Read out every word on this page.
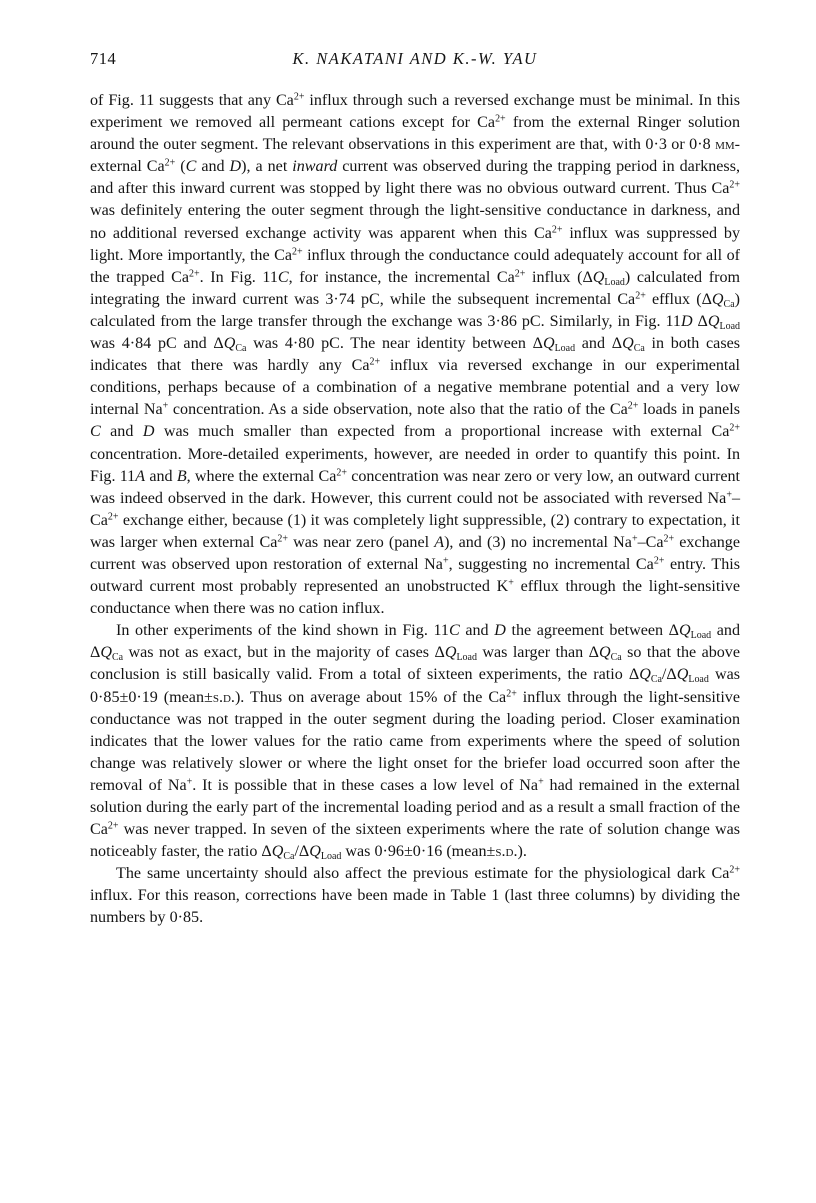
714	K. NAKATANI AND K.-W. YAU

of Fig. 11 suggests that any $Ca^{2+}$ influx through such a reversed exchange must be minimal. In this experiment we removed all permeant cations except for $Ca^{2+}$ from the external Ringer solution around the outer segment. The relevant observations in this experiment are that, with 0·3 or 0·8 mm-external $Ca^{2+}$ (C and D), a net inward current was observed during the trapping period in darkness, and after this inward current was stopped by light there was no obvious outward current. Thus $Ca^{2+}$ was definitely entering the outer segment through the light-sensitive conductance in darkness, and no additional reversed exchange activity was apparent when this $Ca^{2+}$ influx was suppressed by light. More importantly, the $Ca^{2+}$ influx through the conductance could adequately account for all of the trapped $Ca^{2+}$. In Fig. 11C, for instance, the incremental $Ca^{2+}$ influx $(\Delta Q_{Load})$ calculated from integrating the inward current was 3·74 pC, while the subsequent incremental $Ca^{2+}$ efflux $(\Delta Q_{Ca})$ calculated from the large transfer through the exchange was 3·86 pC. Similarly, in Fig. 11D $\Delta Q_{Load}$ was 4·84 pC and $\Delta Q_{Ca}$ was 4·80 pC. The near identity between $\Delta Q_{Load}$ and $\Delta Q_{Ca}$ in both cases indicates that there was hardly any $Ca^{2+}$ influx via reversed exchange in our experimental conditions, perhaps because of a combination of a negative membrane potential and a very low internal Na+ concentration. As a side observation, note also that the ratio of the $Ca^{2+}$ loads in panels C and D was much smaller than expected from a proportional increase with external $Ca^{2+}$ concentration. More-detailed experiments, however, are needed in order to quantify this point. In Fig. 11A and B, where the external $Ca^{2+}$ concentration was near zero or very low, an outward current was indeed observed in the dark. However, this current could not be associated with reversed $Na^+-Ca^{2+}$ exchange either, because (1) it was completely light suppressible, (2) contrary to expectation, it was larger when external $Ca^{2+}$ was near zero (panel A), and (3) no incremental $Na^+-Ca^{2+}$ exchange current was observed upon restoration of external Na+, suggesting no incremental $Ca^{2+}$ entry. This outward current most probably represented an unobstructed K+ efflux through the light-sensitive conductance when there was no cation influx.

In other experiments of the kind shown in Fig. 11C and D the agreement between $\Delta Q_{Load}$ and $\Delta Q_{Ca}$ was not as exact, but in the majority of cases $\Delta Q_{Load}$ was larger than $\Delta Q_{Ca}$ so that the above conclusion is still basically valid. From a total of sixteen experiments, the ratio $\Delta Q_{Ca}/\Delta Q_{Load}$ was 0·85±0·19 (mean±s.d.). Thus on average about 15% of the $Ca^{2+}$ influx through the light-sensitive conductance was not trapped in the outer segment during the loading period. Closer examination indicates that the lower values for the ratio came from experiments where the speed of solution change was relatively slower or where the light onset for the briefer load occurred soon after the removal of Na+. It is possible that in these cases a low level of Na+ had remained in the external solution during the early part of the incremental loading period and as a result a small fraction of the $Ca^{2+}$ was never trapped. In seven of the sixteen experiments where the rate of solution change was noticeably faster, the ratio $\Delta Q_{Ca}/\Delta Q_{Load}$ was 0·96±0·16 (mean±s.d.).

The same uncertainty should also affect the previous estimate for the physiological dark $Ca^{2+}$ influx. For this reason, corrections have been made in Table 1 (last three columns) by dividing the numbers by 0·85.
